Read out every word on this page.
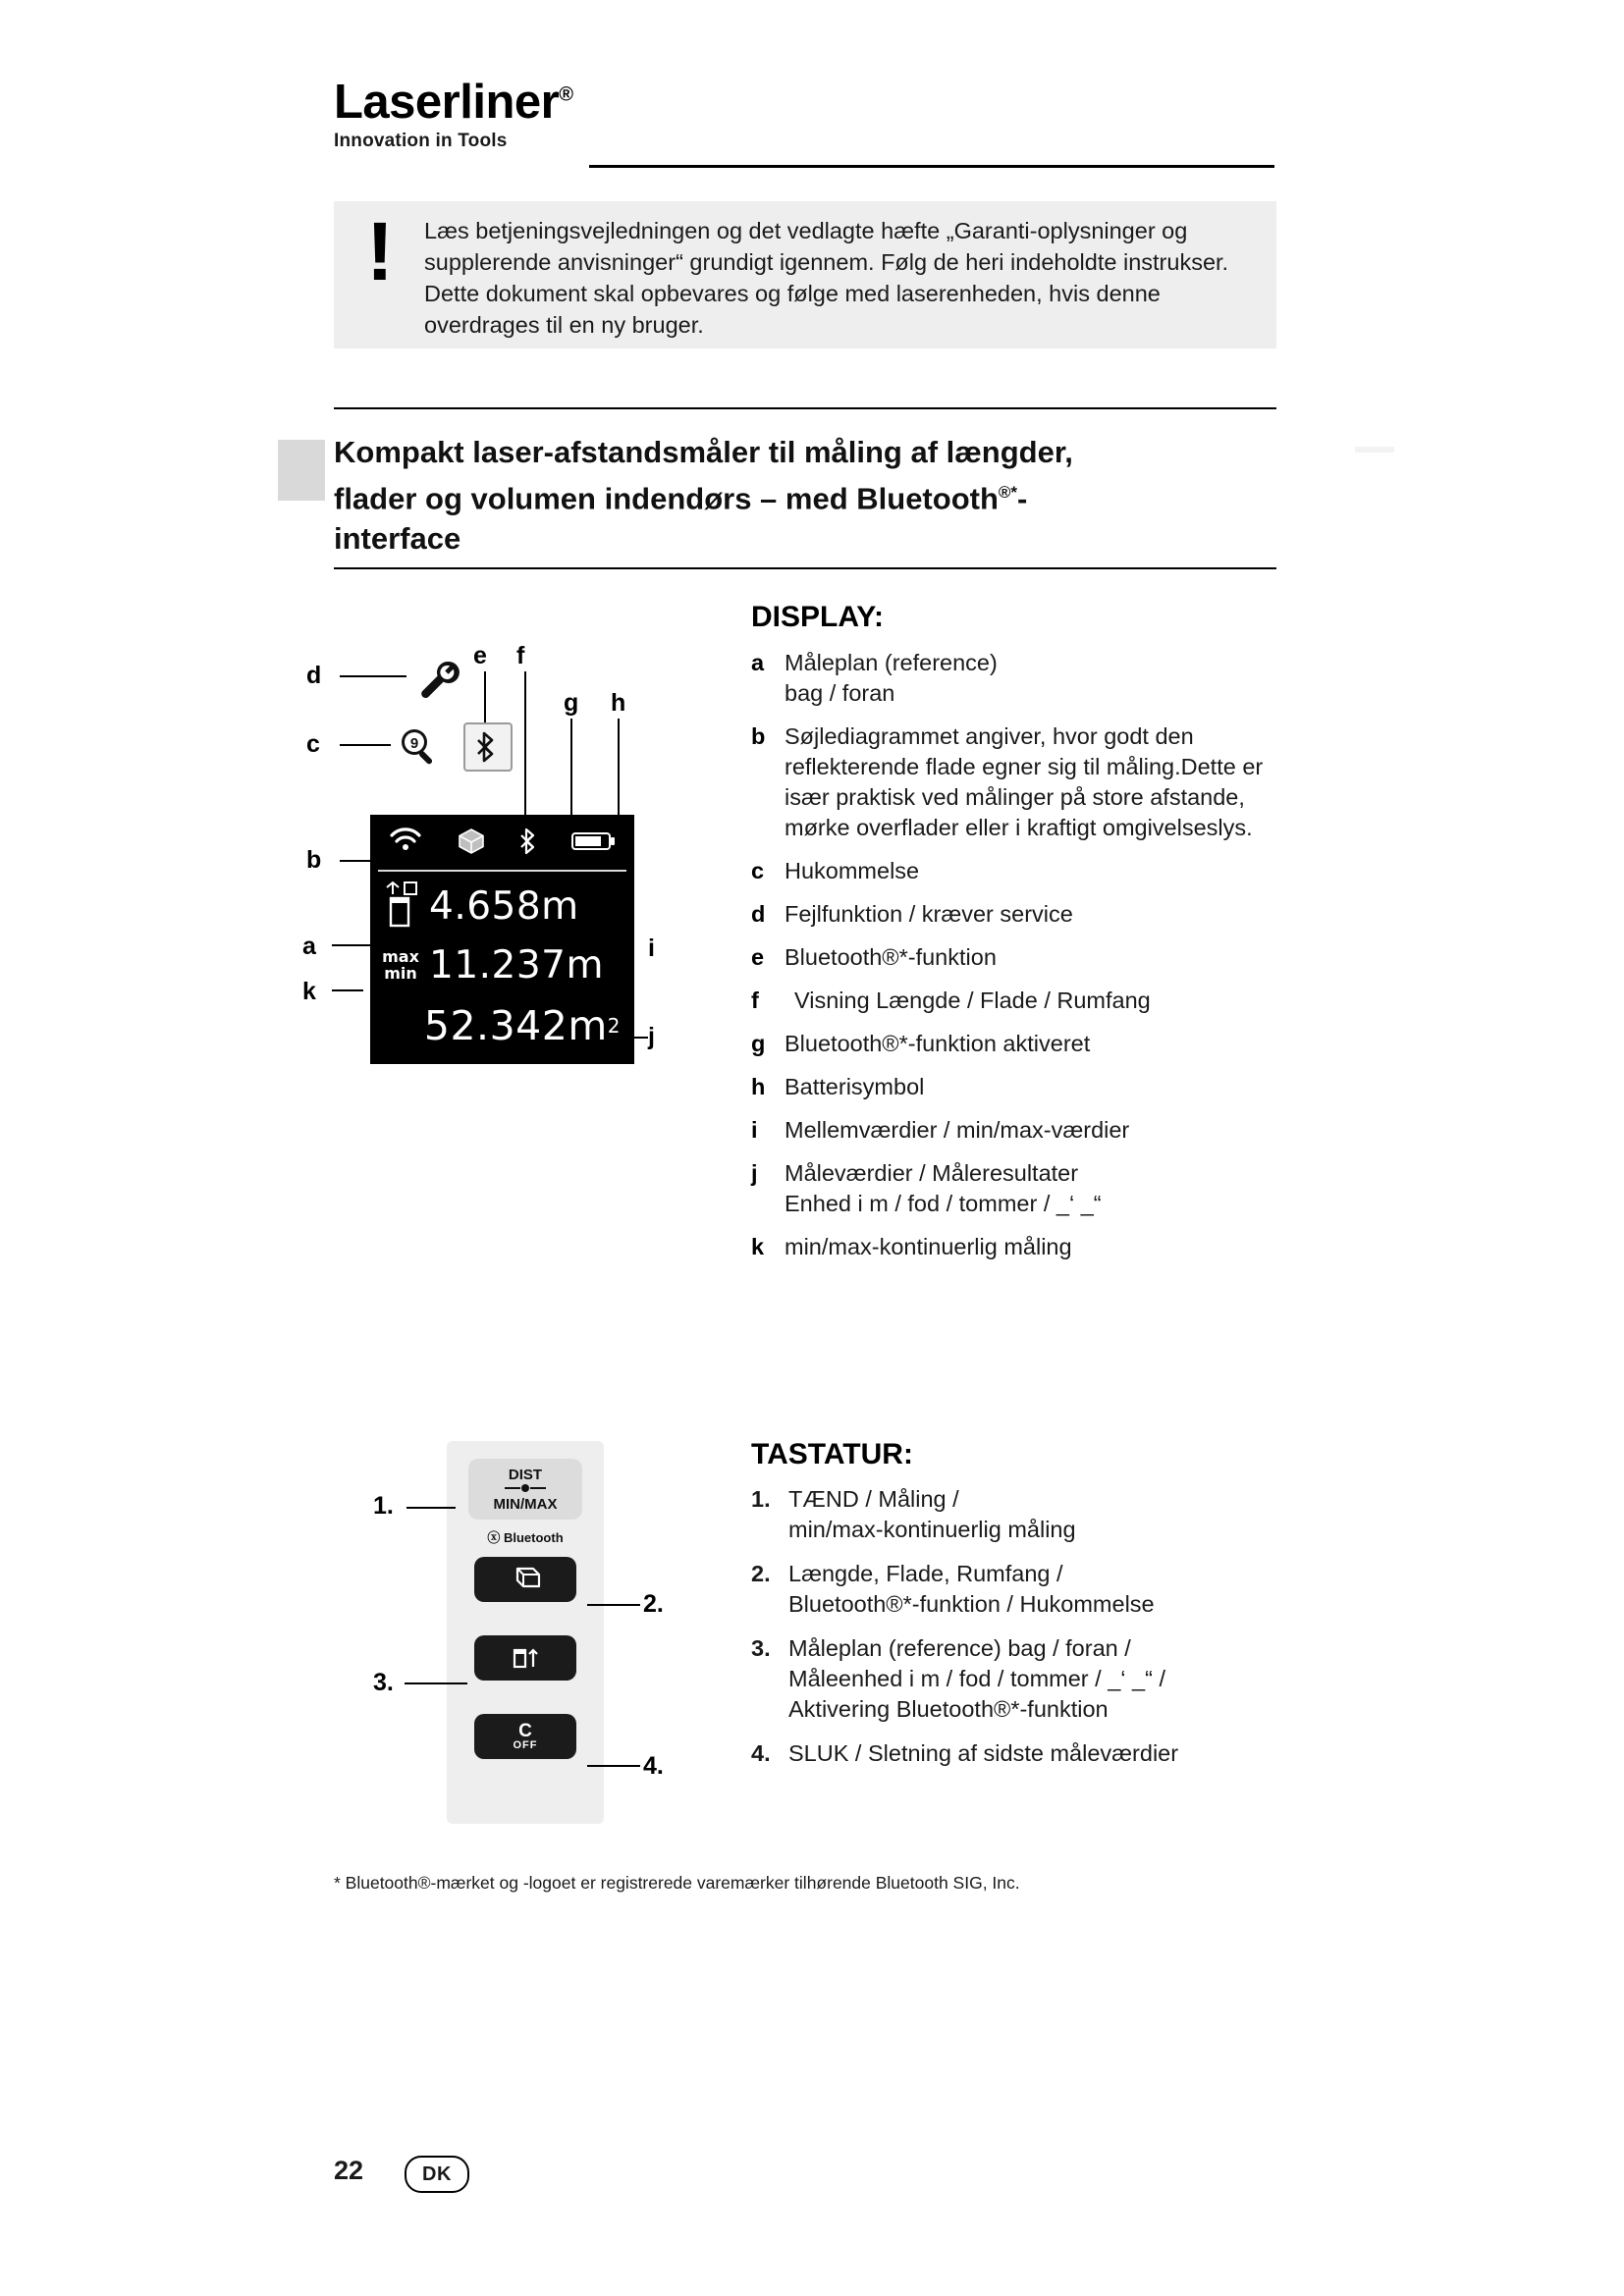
Laserliner®
Innovation in Tools
!	Læs betjeningsvejledningen og det vedlagte hæfte „Garanti-oplysninger og supplerende anvisninger“ grundigt igennem. Følg de heri indeholdte instrukser. Dette dokument skal opbevares og følge med laserenheden, hvis denne overdrages til en ny bruger.
Kompakt laser-afstandsmåler til måling af længder,
flader og volumen indendørs – med Bluetooth®*-
interface
DISPLAY:
a Måleplan (reference)
bag / foran
b Søjlediagrammet angiver, hvor godt den reflekterende flade egner sig til måling.Dette er især praktisk ved målinger på store afstande, mørke overflader eller i kraftigt omgivelseslys.
c Hukommelse
d Fejlfunktion / kræver service
e Bluetooth®*-funktion
f	Visning Længde / Flade / Rumfang
g Bluetooth®*-funktion aktiveret
h Batterisymbol
i	Mellemværdier / min/max-værdier
j	Måleværdier / Måleresultater
Enhed i m / fod / tommer / _‘ _“
k min/max-kontinuerlig måling
9
4.658m
max
min 11.237m
52.342m 2
d
c
b
a
k
e f
g h
i
j
TASTATUR:
1. TÆND / Måling /
min/max-kontinuerlig måling
2. Længde, Flade, Rumfang /
Bluetooth®*-funktion / Hukommelse
3. Måleplan (reference) bag / foran /
Måleenhed i m / fod / tommer / _‘ _“ /
Aktivering Bluetooth®*-funktion
4. SLUK / Sletning af sidste måleværdier
DIST
MIN/MAX
ⓧ Bluetooth
C
OFF
1.
2.
3.
4.
* Bluetooth®-mærket og -logoet er registrerede varemærker tilhørende Bluetooth SIG, Inc.
22	DK
